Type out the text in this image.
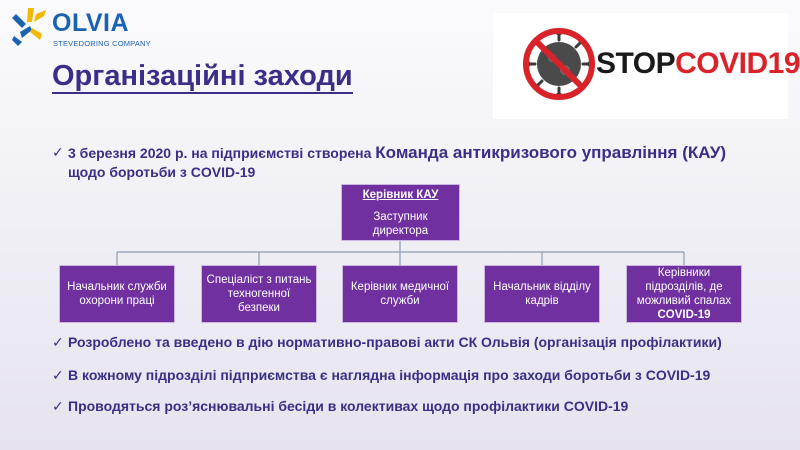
OLVIA
STEVEDORING COMPANY
Організаційні заходи	STOPCOVID19
✓ 3 березня 2020 р. на підприємстві створена Команда антикризового управління (КАУ)
щодо боротьби з COVID-19
Керівник КАУ
Заступник директора
Начальник служби охорони праці
Спеціаліст з питань техногенної безпеки
Керівник медичної служби
Начальник відділу кадрів
Керівники підрозділів, де можливий спалах
COVID-19
✓ Розроблено та введено в дію нормативно-правові акти СК Ольвія (організація профілактики)
✓ В кожному підрозділі підприємства є наглядна інформація про заходи боротьби з COVID-19
✓ Проводяться роз’яснювальні бесіди в колективах щодо профілактики COVID-19
